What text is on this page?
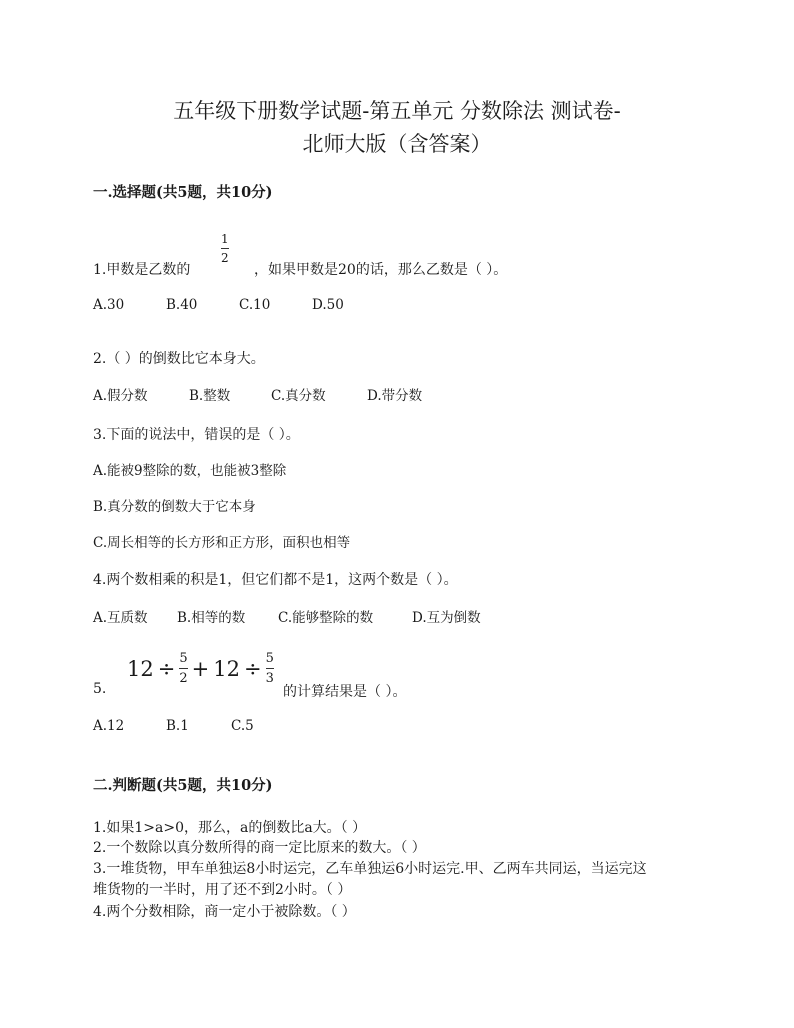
五年级下册数学试题-第五单元 分数除法 测试卷-
北师大版（含答案）
一.选择题(共5题，共10分)
1.甲数是乙数的
$\frac{1}{2}$
，如果甲数是20的话，那么乙数是（ ）。
A.30	B.40	C.10	D.50
2.（ ）的倒数比它本身大。
A.假分数	B.整数	C.真分数	D.带分数
3.下面的说法中，错误的是（ ）。
A.能被9整除的数，也能被3整除
B.真分数的倒数大于它本身
C.周长相等的长方形和正方形，面积也相等
4.两个数相乘的积是1，但它们都不是1，这两个数是（ ）。
A.互质数 B.相等的数 C.能够整除的数	D.互为倒数
5.
$12 \div \frac{5}{2} + 12 \div \frac{5}{3}$
的计算结果是（ ）。
A.12	B.1	C.5
二.判断题(共5题，共10分)
1.如果1>a>0，那么，a的倒数比a大。（ ）
2.一个数除以真分数所得的商一定比原来的数大。（ ）
3.一堆货物，甲车单独运8小时运完，乙车单独运6小时运完.甲、乙两车共同运，当运完这
堆货物的一半时，用了还不到2小时。（ ）
4.两个分数相除，商一定小于被除数。（ ）
